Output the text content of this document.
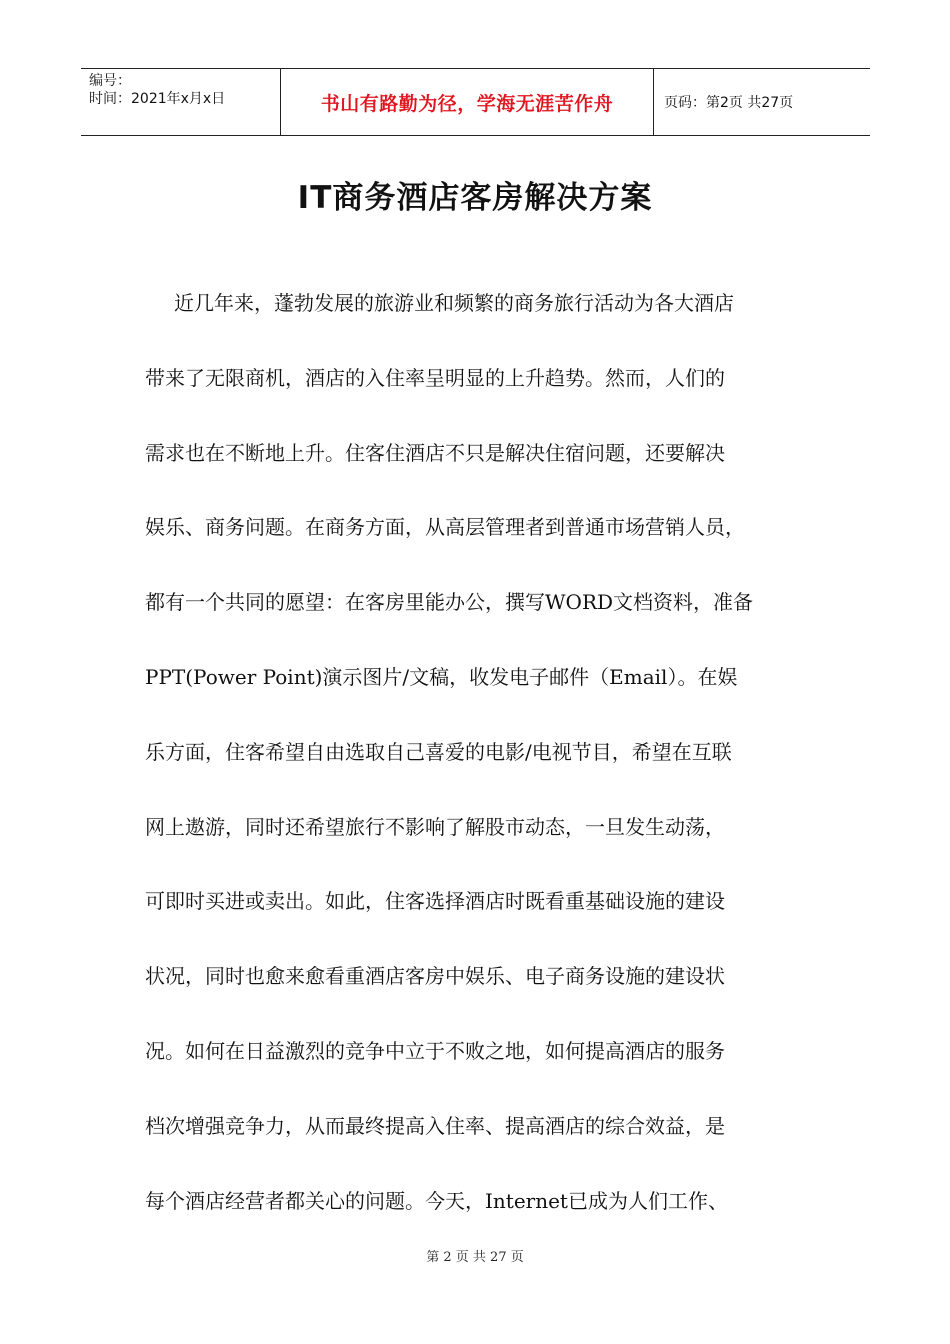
编号：
时间：2021年x月x日	书山有路勤为径，学海无涯苦作舟	页码：第2页 共27页
IT商务酒店客房解决方案
近几年来，蓬勃发展的旅游业和频繁的商务旅行活动为各大酒店
带来了无限商机，酒店的入住率呈明显的上升趋势。然而，人们的
需求也在不断地上升。住客住酒店不只是解决住宿问题，还要解决
娱乐、商务问题。在商务方面，从高层管理者到普通市场营销人员，
都有一个共同的愿望：在客房里能办公，撰写WORD文档资料，准备
PPT(Power Point)演示图片/文稿，收发电子邮件（Email）。在娱
乐方面，住客希望自由选取自己喜爱的电影/电视节目，希望在互联
网上遨游，同时还希望旅行不影响了解股市动态，一旦发生动荡，
可即时买进或卖出。如此，住客选择酒店时既看重基础设施的建设
状况，同时也愈来愈看重酒店客房中娱乐、电子商务设施的建设状
况。如何在日益激烈的竞争中立于不败之地，如何提高酒店的服务
档次增强竞争力，从而最终提高入住率、提高酒店的综合效益，是
每个酒店经营者都关心的问题。今天，Internet已成为人们工作、
第 2 页 共 27 页
